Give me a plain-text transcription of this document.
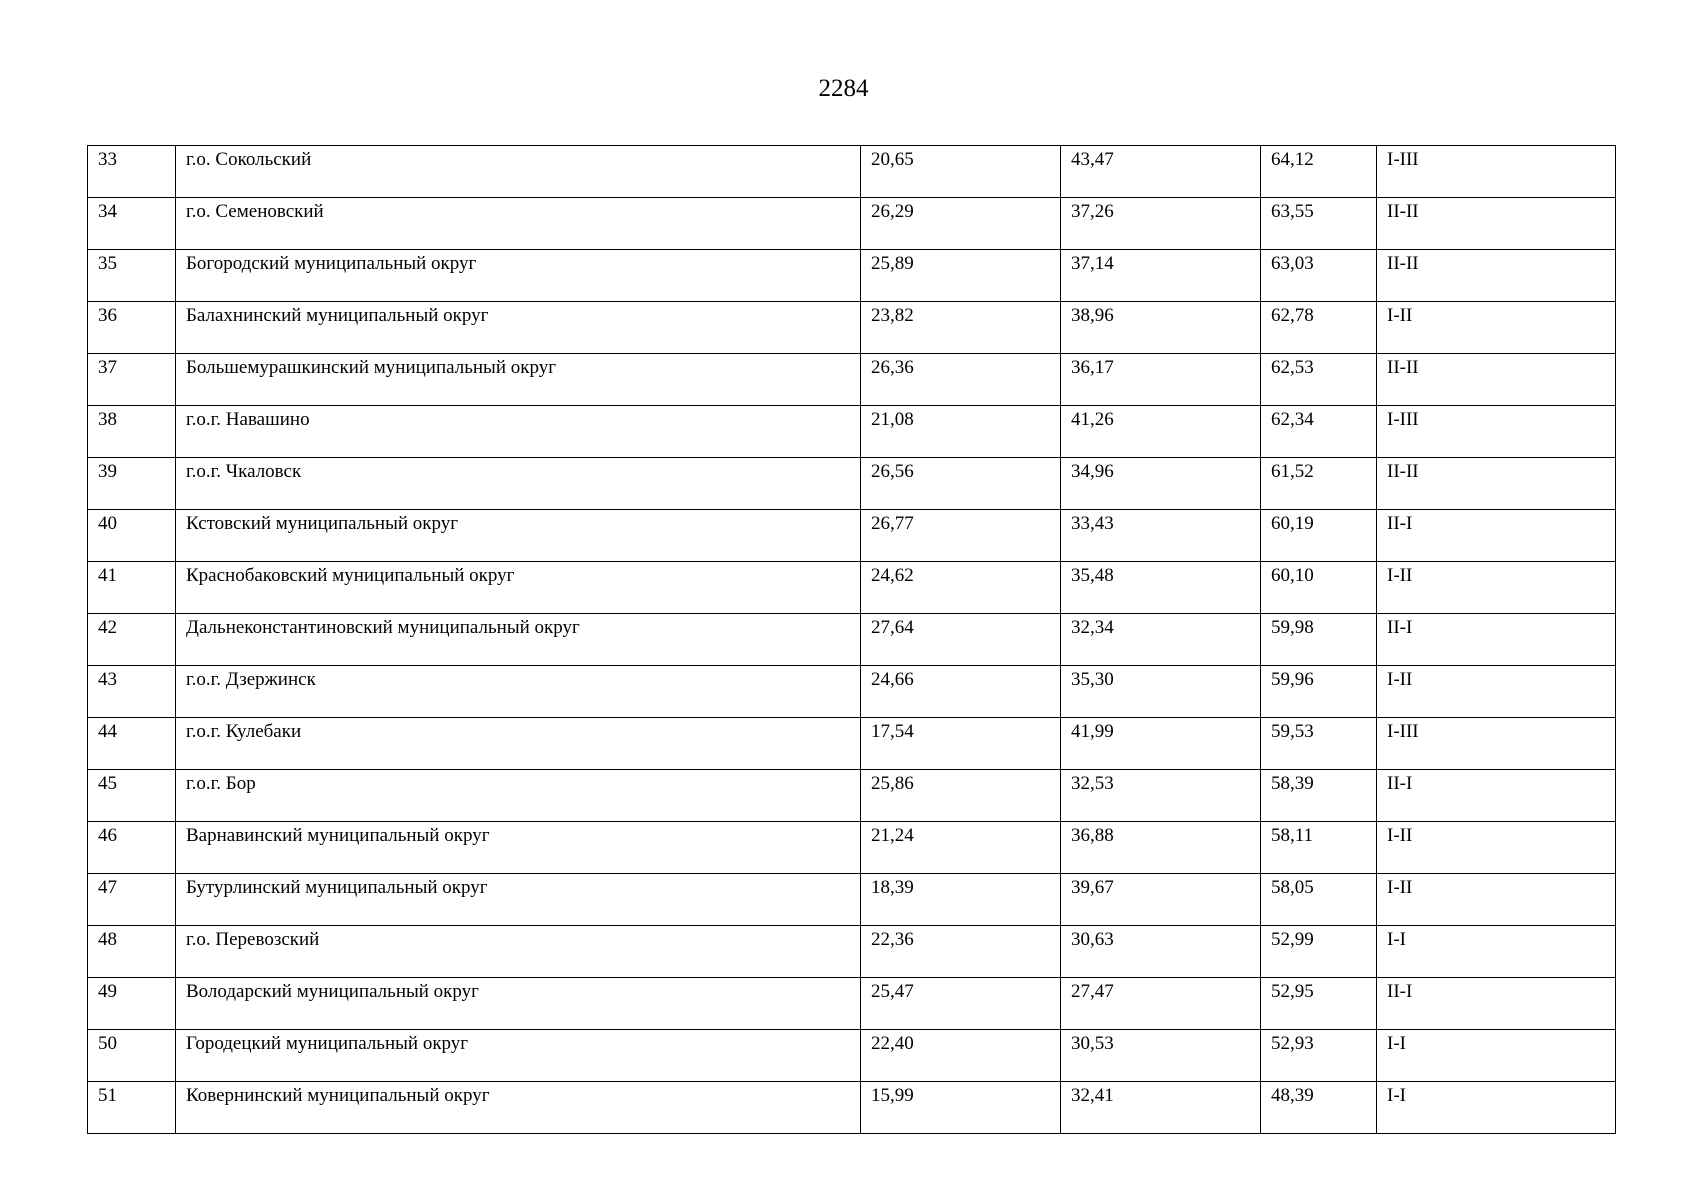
2284
33	г.о. Сокольский	20,65	43,47	64,12	I-III
34	г.о. Семеновский	26,29	37,26	63,55	II-II
35	Богородский муниципальный округ	25,89	37,14	63,03	II-II
36	Балахнинский муниципальный округ	23,82	38,96	62,78	I-II
37	Большемурашкинский муниципальный округ	26,36	36,17	62,53	II-II
38	г.о.г. Навашино	21,08	41,26	62,34	I-III
39	г.о.г. Чкаловск	26,56	34,96	61,52	II-II
40	Кстовский муниципальный округ	26,77	33,43	60,19	II-I
41	Краснобаковский муниципальный округ	24,62	35,48	60,10	I-II
42	Дальнеконстантиновский муниципальный округ	27,64	32,34	59,98	II-I
43	г.о.г. Дзержинск	24,66	35,30	59,96	I-II
44	г.о.г. Кулебаки	17,54	41,99	59,53	I-III
45	г.о.г. Бор	25,86	32,53	58,39	II-I
46	Варнавинский муниципальный округ	21,24	36,88	58,11	I-II
47	Бутурлинский муниципальный округ	18,39	39,67	58,05	I-II
48	г.о. Перевозский	22,36	30,63	52,99	I-I
49	Володарский муниципальный округ	25,47	27,47	52,95	II-I
50	Городецкий муниципальный округ	22,40	30,53	52,93	I-I
51	Ковернинский муниципальный округ	15,99	32,41	48,39	I-I
